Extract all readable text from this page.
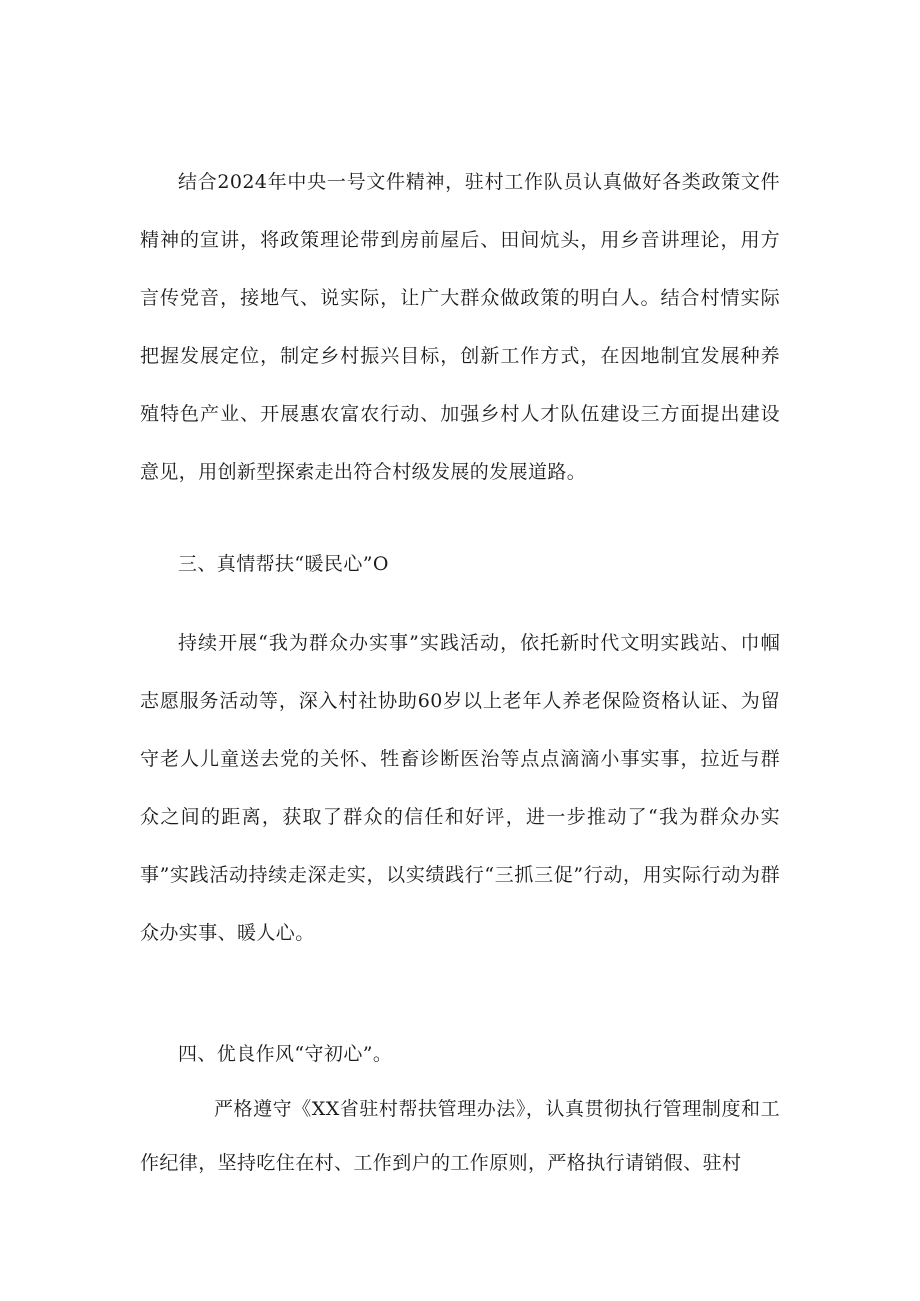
结合2024年中央一号文件精神，驻村工作队员认真做好各类政策文件精神的宣讲，将政策理论带到房前屋后、田间炕头，用乡音讲理论，用方言传党音，接地气、说实际，让广大群众做政策的明白人。结合村情实际把握发展定位，制定乡村振兴目标，创新工作方式，在因地制宜发展种养殖特色产业、开展惠农富农行动、加强乡村人才队伍建设三方面提出建设意见，用创新型探索走出符合村级发展的发展道路。

三、真情帮扶“暖民心”O

持续开展“我为群众办实事”实践活动，依托新时代文明实践站、巾帼志愿服务活动等，深入村社协助60岁以上老年人养老保险资格认证、为留守老人儿童送去党的关怀、牲畜诊断医治等点点滴滴小事实事，拉近与群众之间的距离，获取了群众的信任和好评，进一步推动了“我为群众办实事”实践活动持续走深走实，以实绩践行“三抓三促”行动，用实际行动为群众办实事、暖人心。

四、优良作风“守初心”。

严格遵守《XX省驻村帮扶管理办法》，认真贯彻执行管理制度和工作纪律，坚持吃住在村、工作到户的工作原则，严格执行请销假、驻村
